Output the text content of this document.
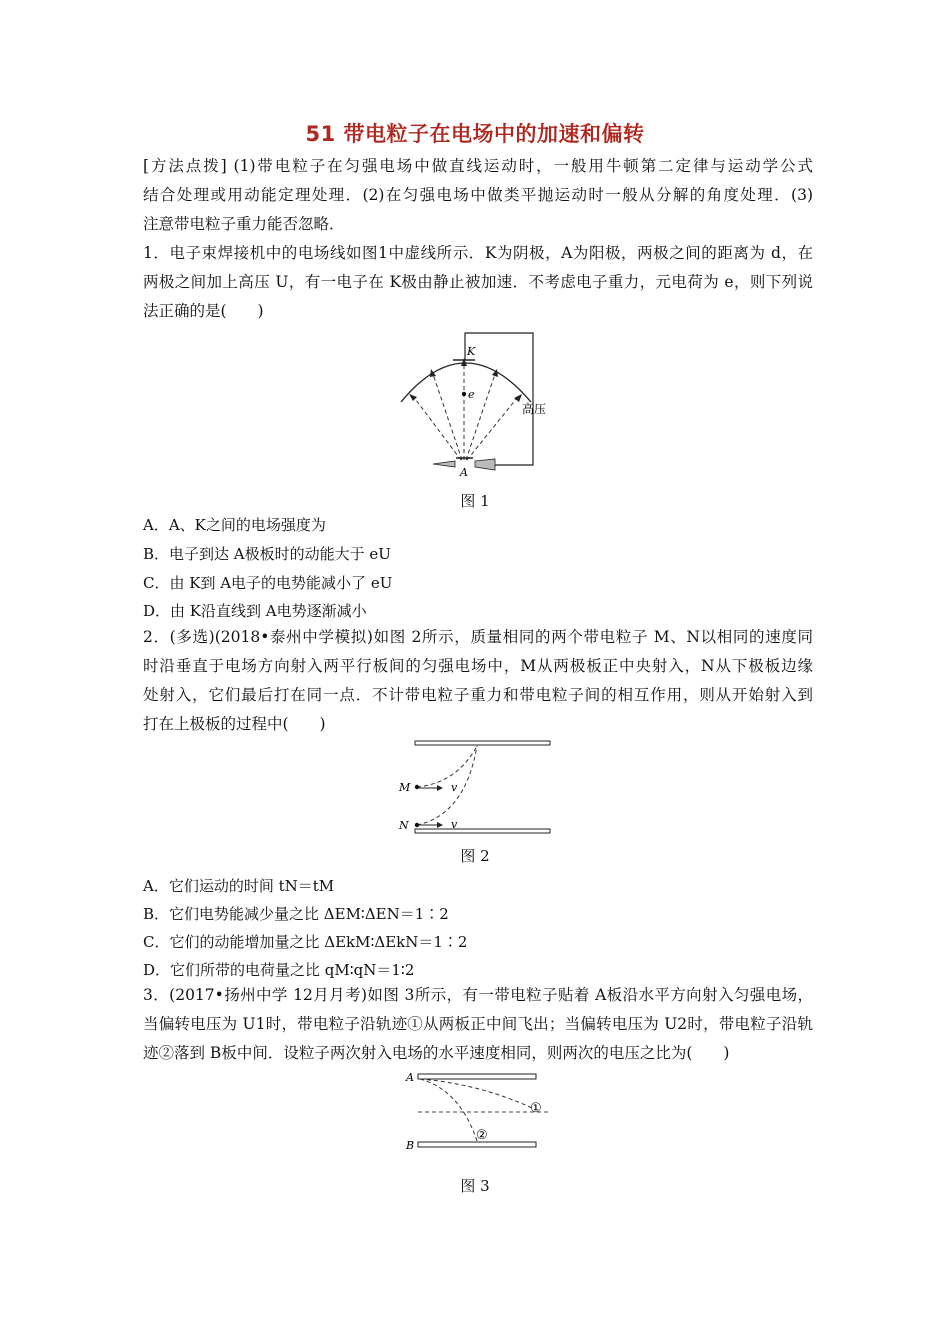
51 带电粒子在电场中的加速和偏转
[方法点拨] (1)带电粒子在匀强电场中做直线运动时，一般用牛顿第二定律与运动学公式
结合处理或用动能定理处理．(2)在匀强电场中做类平抛运动时一般从分解的角度处理．(3)
注意带电粒子重力能否忽略．
1．电子束焊接机中的电场线如图1中虚线所示．K为阴极，A为阳极，两极之间的距离为 d，在
两极之间加上高压 U，有一电子在 K极由静止被加速．不考虑电子重力，元电荷为 e，则下列说
法正确的是(　　)
K
e
高压
A
图 1
A．A、K之间的电场强度为
B．电子到达 A极板时的动能大于 eU
C．由 K到 A电子的电势能减小了 eU
D．由 K沿直线到 A电势逐渐减小
2．(多选)(2018•泰州中学模拟)如图 2所示，质量相同的两个带电粒子 M、N以相同的速度同
时沿垂直于电场方向射入两平行板间的匀强电场中，M从两极板正中央射入，N从下极板边缘
处射入，它们最后打在同一点．不计带电粒子重力和带电粒子间的相互作用，则从开始射入到
打在上极板的过程中(　　)
M
N
v
v
图 2
A．它们运动的时间 tN＝tM
B．它们电势能减少量之比 ΔEM∶ΔEN＝1∶2
C．它们的动能增加量之比 ΔEkM∶ΔEkN＝1∶2
D．它们所带的电荷量之比 qM∶qN＝1∶2
3．(2017•扬州中学 12月月考)如图 3所示，有一带电粒子贴着 A板沿水平方向射入匀强电场，
当偏转电压为 U1时，带电粒子沿轨迹①从两板正中间飞出；当偏转电压为 U2时，带电粒子沿轨
迹②落到 B板中间．设粒子两次射入电场的水平速度相同，则两次的电压之比为(　　)
A
B
①
②
图 3
